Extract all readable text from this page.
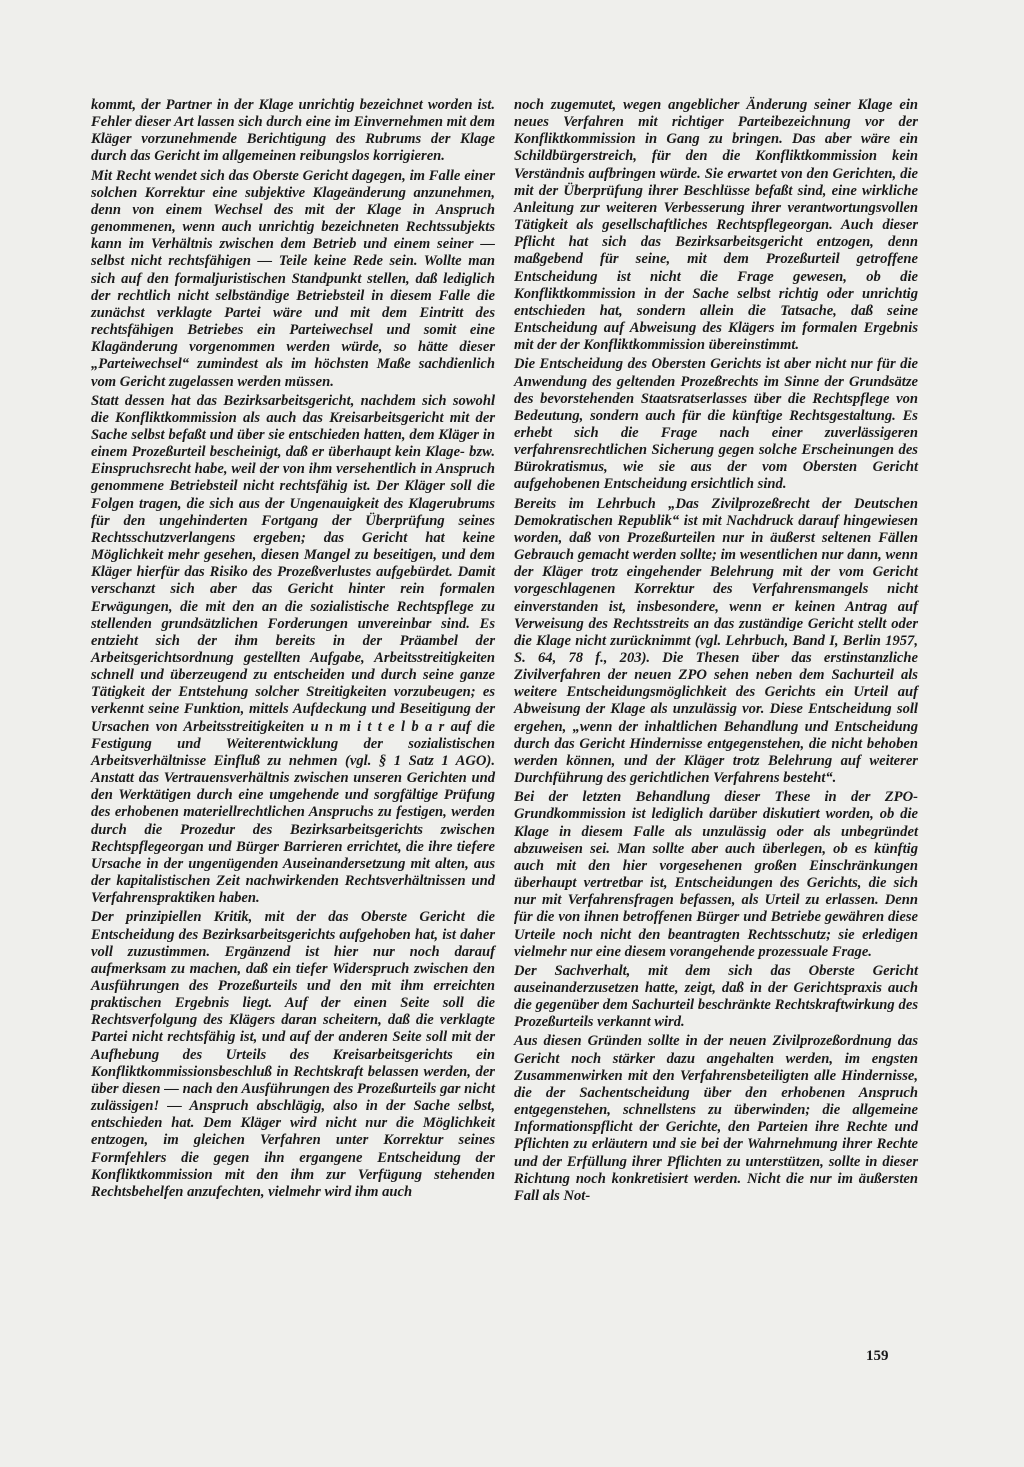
kommt, der Partner in der Klage unrichtig bezeichnet worden ist. Fehler dieser Art lassen sich durch eine im Einvernehmen mit dem Kläger vorzunehmende Berichtigung des Rubrums der Klage durch das Gericht im allgemeinen reibungslos korrigieren.

Mit Recht wendet sich das Oberste Gericht dagegen, im Falle einer solchen Korrektur eine subjektive Klageänderung anzunehmen, denn von einem Wechsel des mit der Klage in Anspruch genommenen, wenn auch unrichtig bezeichneten Rechtssubjekts kann im Verhältnis zwischen dem Betrieb und einem seiner — selbst nicht rechtsfähigen — Teile keine Rede sein. Wollte man sich auf den formaljuristischen Standpunkt stellen, daß lediglich der rechtlich nicht selbständige Betriebsteil in diesem Falle die zunächst verklagte Partei wäre und mit dem Eintritt des rechtsfähigen Betriebes ein Parteiwechsel und somit eine Klagänderung vorgenommen werden würde, so hätte dieser „Parteiwechsel“ zumindest als im höchsten Maße sachdienlich vom Gericht zugelassen werden müssen.

Statt dessen hat das Bezirksarbeitsgericht, nachdem sich sowohl die Konfliktkommission als auch das Kreisarbeitsgericht mit der Sache selbst befaßt und über sie entschieden hatten, dem Kläger in einem Prozeßurteil bescheinigt, daß er überhaupt kein Klage- bzw. Einspruchsrecht habe, weil der von ihm versehentlich in Anspruch genommene Betriebsteil nicht rechtsfähig ist. Der Kläger soll die Folgen tragen, die sich aus der Ungenauigkeit des Klagerubrums für den ungehinderten Fortgang der Überprüfung seines Rechtsschutzverlangens ergeben; das Gericht hat keine Möglichkeit mehr gesehen, diesen Mangel zu beseitigen, und dem Kläger hierfür das Risiko des Prozeßverlustes aufgebürdet. Damit verschanzt sich aber das Gericht hinter rein formalen Erwägungen, die mit den an die sozialistische Rechtspflege zu stellenden grundsätzlichen Forderungen unvereinbar sind. Es entzieht sich der ihm bereits in der Präambel der Arbeitsgerichtsordnung gestellten Aufgabe, Arbeitsstreitigkeiten schnell und überzeugend zu entscheiden und durch seine ganze Tätigkeit der Entstehung solcher Streitigkeiten vorzubeugen; es verkennt seine Funktion, mittels Aufdeckung und Beseitigung der Ursachen von Arbeitsstreitigkeiten u n m i t t e l b a r auf die Festigung und Weiterentwicklung der sozialistischen Arbeitsverhältnisse Einfluß zu nehmen (vgl. § 1 Satz 1 AGO). Anstatt das Vertrauensverhältnis zwischen unseren Gerichten und den Werktätigen durch eine umgehende und sorgfältige Prüfung des erhobenen materiellrechtlichen Anspruchs zu festigen, werden durch die Prozedur des Bezirksarbeitsgerichts zwischen Rechtspflegeorgan und Bürger Barrieren errichtet, die ihre tiefere Ursache in der ungenügenden Auseinandersetzung mit alten, aus der kapitalistischen Zeit nachwirkenden Rechtsverhältnissen und Verfahrenspraktiken haben.

Der prinzipiellen Kritik, mit der das Oberste Gericht die Entscheidung des Bezirksarbeitsgerichts aufgehoben hat, ist daher voll zuzustimmen. Ergänzend ist hier nur noch darauf aufmerksam zu machen, daß ein tiefer Widerspruch zwischen den Ausführungen des Prozeßurteils und den mit ihm erreichten praktischen Ergebnis liegt. Auf der einen Seite soll die Rechtsverfolgung des Klägers daran scheitern, daß die verklagte Partei nicht rechtsfähig ist, und auf der anderen Seite soll mit der Aufhebung des Urteils des Kreisarbeitsgerichts ein Konfliktkommissionsbeschluß in Rechtskraft belassen werden, der über diesen — nach den Ausführungen des Prozeßurteils gar nicht zulässigen! — Anspruch abschlägig, also in der Sache selbst, entschieden hat. Dem Kläger wird nicht nur die Möglichkeit entzogen, im gleichen Verfahren unter Korrektur seines Formfehlers die gegen ihn ergangene Entscheidung der Konfliktkommission mit den ihm zur Verfügung stehenden Rechtsbehelfen anzufechten, vielmehr wird ihm auch

noch zugemutet, wegen angeblicher Änderung seiner Klage ein neues Verfahren mit richtiger Parteibezeichnung vor der Konfliktkommission in Gang zu bringen. Das aber wäre ein Schildbürgerstreich, für den die Konfliktkommission kein Verständnis aufbringen würde. Sie erwartet von den Gerichten, die mit der Überprüfung ihrer Beschlüsse befaßt sind, eine wirkliche Anleitung zur weiteren Verbesserung ihrer verantwortungsvollen Tätigkeit als gesellschaftliches Rechtspflegeorgan. Auch dieser Pflicht hat sich das Bezirksarbeitsgericht entzogen, denn maßgebend für seine, mit dem Prozeßurteil getroffene Entscheidung ist nicht die Frage gewesen, ob die Konfliktkommission in der Sache selbst richtig oder unrichtig entschieden hat, sondern allein die Tatsache, daß seine Entscheidung auf Abweisung des Klägers im formalen Ergebnis mit der der Konfliktkommission übereinstimmt.

Die Entscheidung des Obersten Gerichts ist aber nicht nur für die Anwendung des geltenden Prozeßrechts im Sinne der Grundsätze des bevorstehenden Staatsratserlasses über die Rechtspflege von Bedeutung, sondern auch für die künftige Rechtsgestaltung. Es erhebt sich die Frage nach einer zuverlässigeren verfahrensrechtlichen Sicherung gegen solche Erscheinungen des Bürokratismus, wie sie aus der vom Obersten Gericht aufgehobenen Entscheidung ersichtlich sind.

Bereits im Lehrbuch „Das Zivilprozeßrecht der Deutschen Demokratischen Republik“ ist mit Nachdruck darauf hingewiesen worden, daß von Prozeßurteilen nur in äußerst seltenen Fällen Gebrauch gemacht werden sollte; im wesentlichen nur dann, wenn der Kläger trotz eingehender Belehrung mit der vom Gericht vorgeschlagenen Korrektur des Verfahrensmangels nicht einverstanden ist, insbesondere, wenn er keinen Antrag auf Verweisung des Rechtsstreits an das zuständige Gericht stellt oder die Klage nicht zurücknimmt (vgl. Lehrbuch, Band I, Berlin 1957, S. 64, 78 f., 203). Die Thesen über das erstinstanzliche Zivilverfahren der neuen ZPO sehen neben dem Sachurteil als weitere Entscheidungsmöglichkeit des Gerichts ein Urteil auf Abweisung der Klage als unzulässig vor. Diese Entscheidung soll ergehen, „wenn der inhaltlichen Behandlung und Entscheidung durch das Gericht Hindernisse entgegenstehen, die nicht behoben werden können, und der Kläger trotz Belehrung auf weiterer Durchführung des gerichtlichen Verfahrens besteht“.

Bei der letzten Behandlung dieser These in der ZPO-Grundkommission ist lediglich darüber diskutiert worden, ob die Klage in diesem Falle als unzulässig oder als unbegründet abzuweisen sei. Man sollte aber auch überlegen, ob es künftig auch mit den hier vorgesehenen großen Einschränkungen überhaupt vertretbar ist, Entscheidungen des Gerichts, die sich nur mit Verfahrensfragen befassen, als Urteil zu erlassen. Denn für die von ihnen betroffenen Bürger und Betriebe gewähren diese Urteile noch nicht den beantragten Rechtsschutz; sie erledigen vielmehr nur eine diesem vorangehende prozessuale Frage.

Der Sachverhalt, mit dem sich das Oberste Gericht auseinanderzusetzen hatte, zeigt, daß in der Gerichtspraxis auch die gegenüber dem Sachurteil beschränkte Rechtskraftwirkung des Prozeßurteils verkannt wird.

Aus diesen Gründen sollte in der neuen Zivilprozeßordnung das Gericht noch stärker dazu angehalten werden, im engsten Zusammenwirken mit den Verfahrensbeteiligten alle Hindernisse, die der Sachentscheidung über den erhobenen Anspruch entgegenstehen, schnellstens zu überwinden; die allgemeine Informationspflicht der Gerichte, den Parteien ihre Rechte und Pflichten zu erläutern und sie bei der Wahrnehmung ihrer Rechte und der Erfüllung ihrer Pflichten zu unterstützen, sollte in dieser Richtung noch konkretisiert werden. Nicht die nur im äußersten Fall als Not-

159
